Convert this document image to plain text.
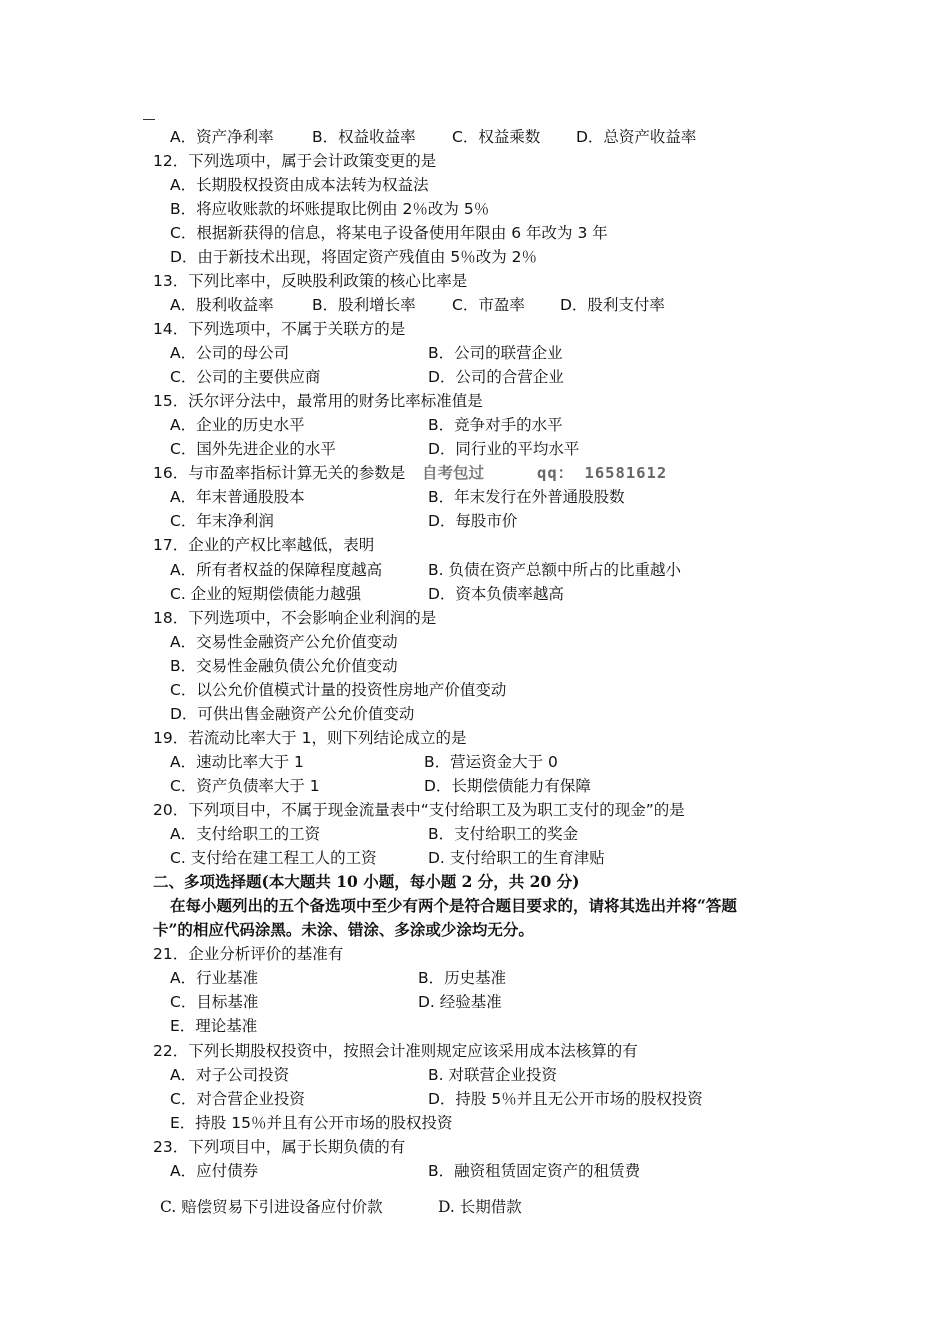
A．资产净利率 B．权益收益率 C．权益乘数 D．总资产收益率
12．下列选项中，属于会计政策变更的是
A．长期股权投资由成本法转为权益法
B．将应收账款的坏账提取比例由 2％改为 5％
C．根据新获得的信息，将某电子设备使用年限由 6 年改为 3 年
D．由于新技术出现，将固定资产残值由 5％改为 2％
13．下列比率中，反映股利政策的核心比率是
A．股利收益率 B．股利增长率 C．市盈率 D．股利支付率
14．下列选项中，不属于关联方的是
A．公司的母公司	B．公司的联营企业
C．公司的主要供应商	D．公司的合营企业
15．沃尔评分法中，最常用的财务比率标准值是
A．企业的历史水平	B．竞争对手的水平
C．国外先进企业的水平	D．同行业的平均水平
16．与市盈率指标计算无关的参数是 自考包过	qq： 16581612
A．年末普通股股本	B．年末发行在外普通股股数
C．年末净利润	D．每股市价
17．企业的产权比率越低，表明
A．所有者权益的保障程度越高	B. 负债在资产总额中所占的比重越小
C. 企业的短期偿债能力越强	D．资本负债率越高
18．下列选项中，不会影响企业利润的是
A．交易性金融资产公允价值变动
B．交易性金融负债公允价值变动
C．以公允价值模式计量的投资性房地产价值变动
D．可供出售金融资产公允价值变动
19．若流动比率大于 1，则下列结论成立的是
A．速动比率大于 1	B．营运资金大于 0
C．资产负债率大于 1	D．长期偿债能力有保障
20．下列项目中，不属于现金流量表中“支付给职工及为职工支付的现金”的是
A．支付给职工的工资	B．支付给职工的奖金
C. 支付给在建工程工人的工资	D. 支付给职工的生育津贴
二、多项选择题(本大题共 10 小题，每小题 2 分，共 20 分)
在每小题列出的五个备选项中至少有两个是符合题目要求的，请将其选出并将“答题
卡”的相应代码涂黑。未涂、错涂、多涂或少涂均无分。
21．企业分析评价的基准有
A．行业基准	B．历史基准
C．目标基准	D. 经验基准
E．理论基准
22．下列长期股权投资中，按照会计准则规定应该采用成本法核算的有
A．对子公司投资	B. 对联营企业投资
C．对合营企业投资	D．持股 5％并且无公开市场的股权投资
E．持股 15％并且有公开市场的股权投资
23．下列项目中，属于长期负债的有
A．应付债券	B．融资租赁固定资产的租赁费
C. 赔偿贸易下引进设备应付价款	D. 长期借款
